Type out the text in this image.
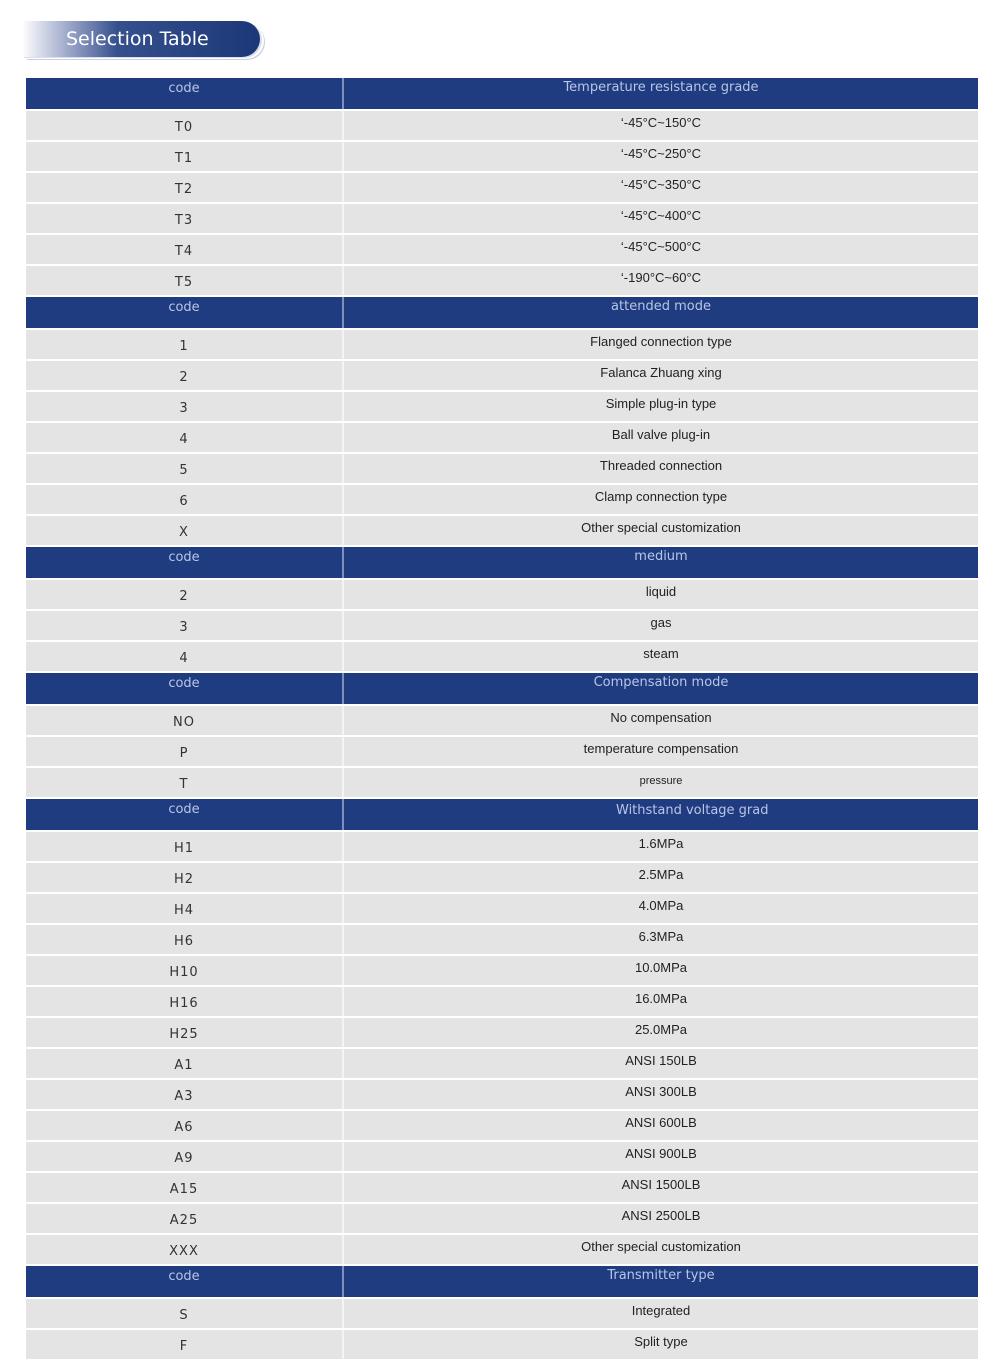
Selection Table
code	Temperature resistance grade
T0	‘-45°C~150°C
T1	‘-45°C~250°C
T2	‘-45°C~350°C
T3	‘-45°C~400°C
T4	‘-45°C~500°C
T5	‘-190°C~60°C
code	attended mode
1	Flanged connection type
2	Falanca Zhuang xing
3	Simple plug-in type
4	Ball valve plug-in
5	Threaded connection
6	Clamp connection type
X	Other special customization
code	medium
2	liquid
3	gas
4	steam
code	Compensation mode
NO	No compensation
P	temperature compensation
T	pressure
code	Withstand voltage grad
H1	1.6MPa
H2	2.5MPa
H4	4.0MPa
H6	6.3MPa
H10	10.0MPa
H16	16.0MPa
H25	25.0MPa
A1	ANSI 150LB
A3	ANSI 300LB
A6	ANSI 600LB
A9	ANSI 900LB
A15	ANSI 1500LB
A25	ANSI 2500LB
XXX	Other special customization
code	Transmitter type
S	Integrated
F	Split type
